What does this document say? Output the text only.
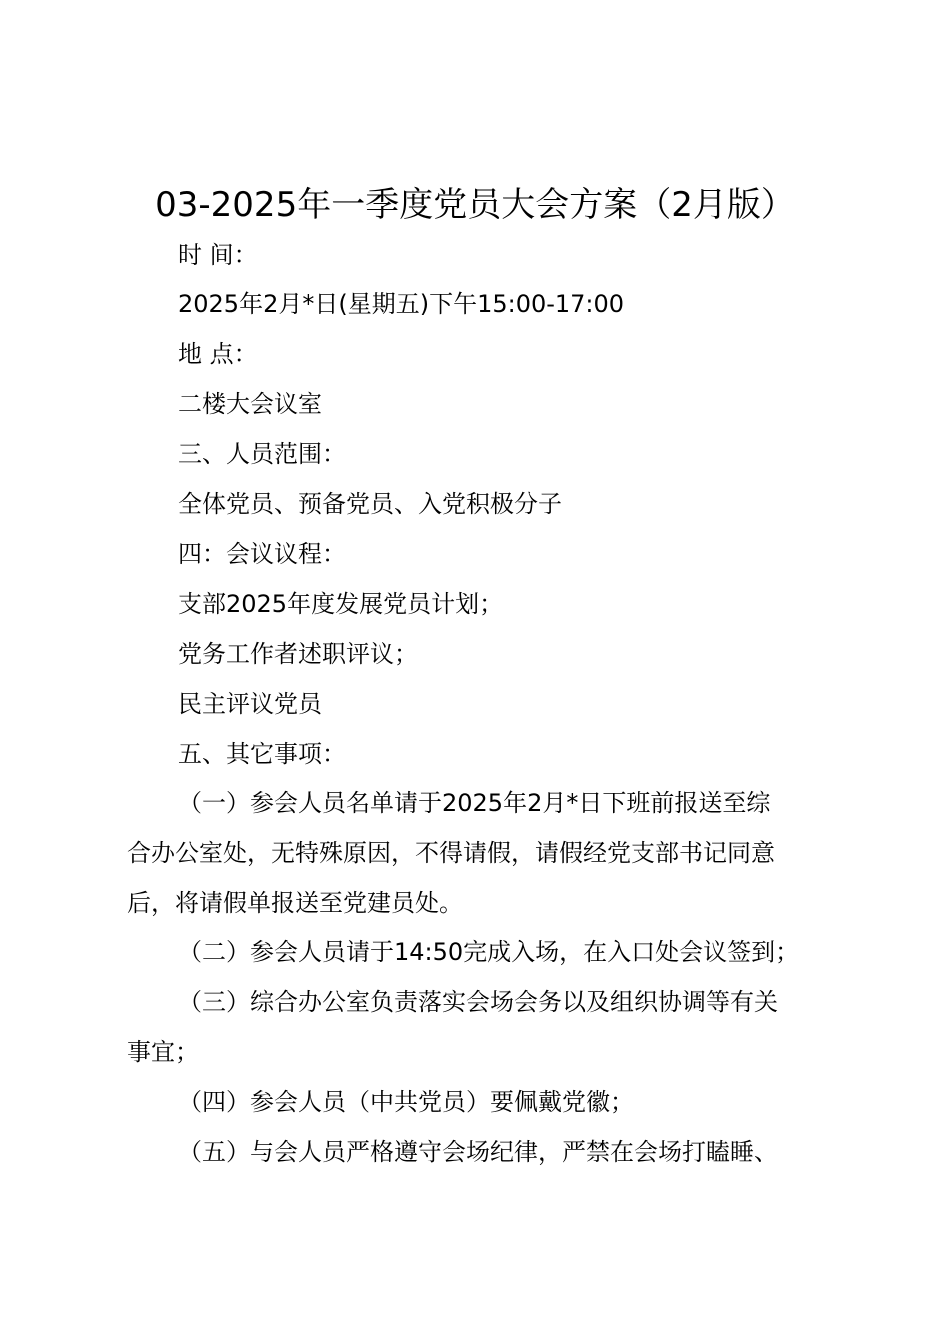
03-2025年一季度党员大会方案（2月版）
时 间：
2025年2月*日(星期五)下午15:00-17:00
地 点：
二楼大会议室
三、人员范围：
全体党员、预备党员、入党积极分子
四：会议议程：
支部2025年度发展党员计划；
党务工作者述职评议；
民主评议党员
五、其它事项：
（一）参会人员名单请于2025年2月*日下班前报送至综
合办公室处，无特殊原因，不得请假，请假经党支部书记同意
后，将请假单报送至党建员处。
（二）参会人员请于14:50完成入场，在入口处会议签到；
（三）综合办公室负责落实会场会务以及组织协调等有关
事宜；
（四）参会人员（中共党员）要佩戴党徽；
（五）与会人员严格遵守会场纪律，严禁在会场打瞌睡、
